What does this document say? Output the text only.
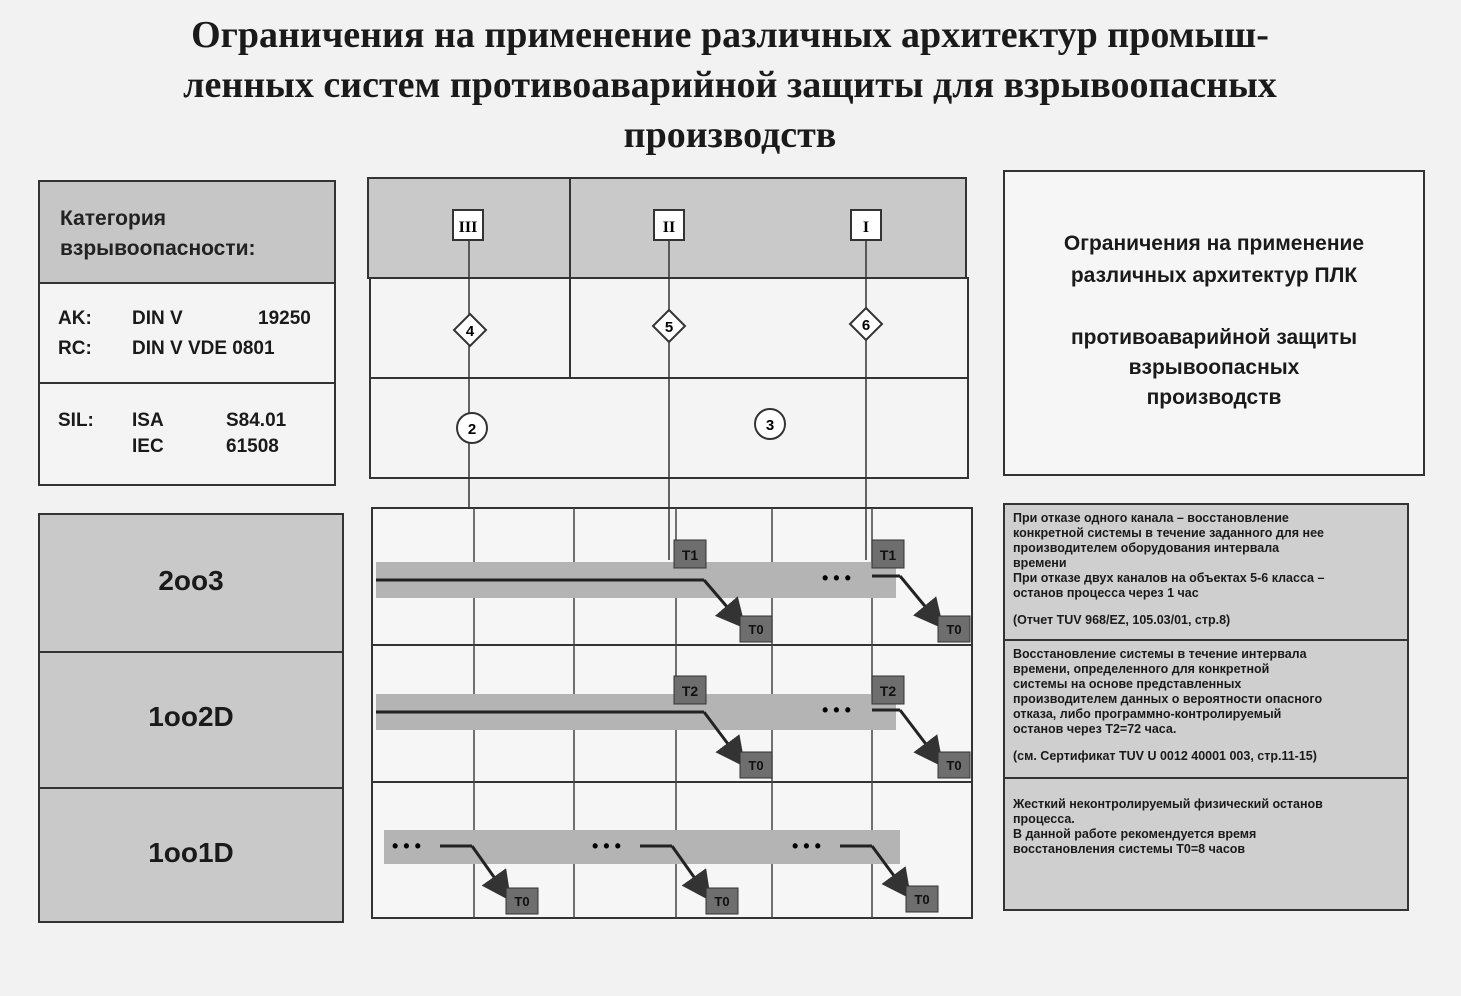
Ограничения на применение различных архитектур промыш-
ленных систем противоаварийной защиты для взрывоопасных
производств
Категория
взрывоопасности:
AK: DIN V	19250
RC: DIN V VDE 0801
SIL: ISA	S84.01
IEC	61508
Ограничения на применение
различных архитектур ПЛК
противоаварийной защиты
взрывоопасных
производств
2oo3
1oo2D
1oo1D
При отказе одного канала – восстановление
конкретной системы в течение заданного для нее
производителем оборудования интервала
времени
При отказе двух каналов на объектах 5-6 класса –
останов процесса через 1 час
(Отчет TUV 968/EZ, 105.03/01, стр.8)
Восстановление системы в течение интервала
времени, определенного для конкретной
системы на основе представленных
производителем данных о вероятности опасного
отказа, либо программно-контролируемый
останов через T2=72 часа.
(см. Сертификат TUV U 0012 40001 003, стр.11-15)
Жесткий неконтролируемый физический останов
процесса.
В данной работе рекомендуется время
восстановления системы T0=8 часов
III	II	I
4	5	6
2	3
T1
T0
• • •
T1
T0
T2
T0
• • •
T2
T0
• • •
T0
• • •
T0
• • •
T0
